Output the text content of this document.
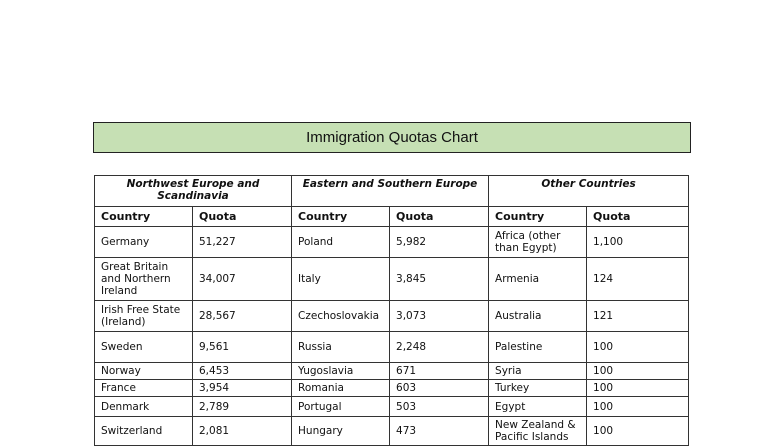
Immigration Quotas Chart
Northwest Europe and Scandinavia		Eastern and Southern Europe		Other Countries	
Country	Quota	Country	Quota	Country	Quota
Germany	51,227	Poland	5,982	Africa (other than Egypt)	1,100
Great Britain and Northern Ireland	34,007	Italy	3,845	Armenia	124
Irish Free State (Ireland)	28,567	Czechoslovakia	3,073	Australia	121
Sweden	9,561	Russia	2,248	Palestine	100
Norway	6,453	Yugoslavia	671	Syria	100
France	3,954	Romania	603	Turkey	100
Denmark	2,789	Portugal	503	Egypt	100
Switzerland	2,081	Hungary	473	New Zealand & Pacific Islands	100
